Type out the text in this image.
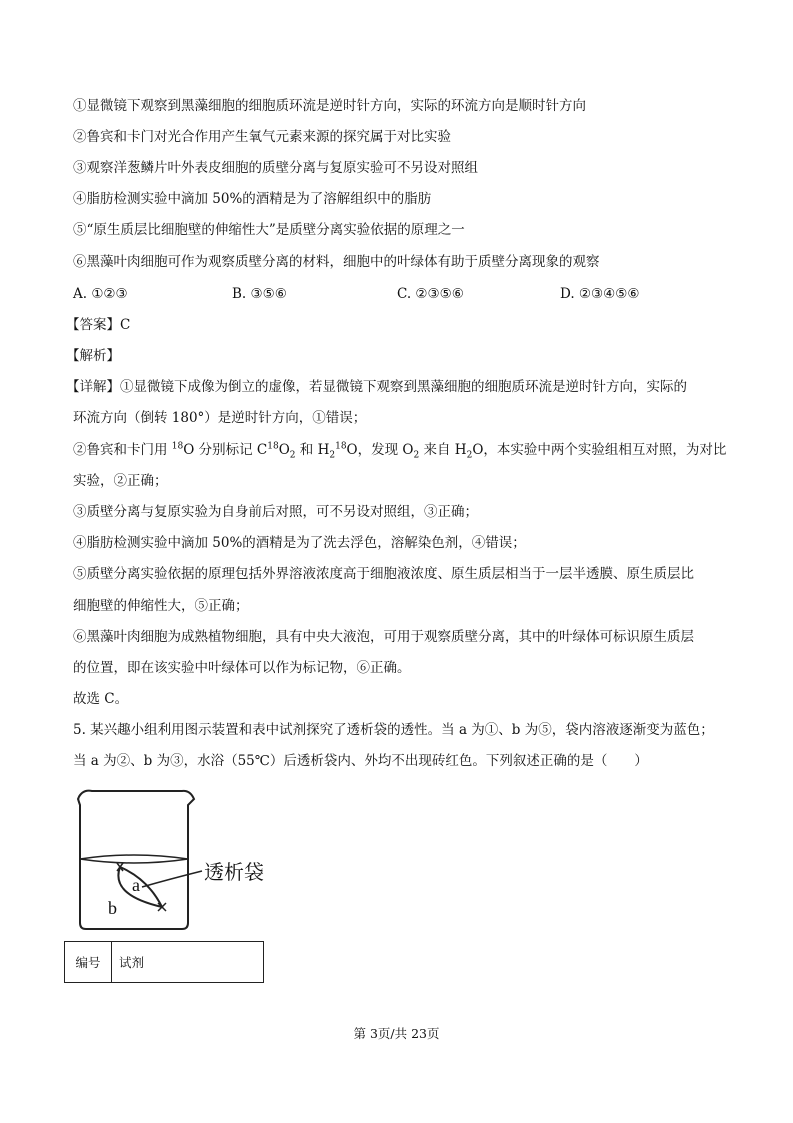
①显微镜下观察到黑藻细胞的细胞质环流是逆时针方向，实际的环流方向是顺时针方向
②鲁宾和卡门对光合作用产生氧气元素来源的探究属于对比实验
③观察洋葱鳞片叶外表皮细胞的质壁分离与复原实验可不另设对照组
④脂肪检测实验中滴加 50%的酒精是为了溶解组织中的脂肪
⑤“原生质层比细胞壁的伸缩性大”是质壁分离实验依据的原理之一
⑥黑藻叶肉细胞可作为观察质壁分离的材料，细胞中的叶绿体有助于质壁分离现象的观察
A. ①②③	B. ③⑤⑥	C. ②③⑤⑥	D. ②③④⑤⑥
【答案】C
【解析】
【详解】①显微镜下成像为倒立的虚像，若显微镜下观察到黑藻细胞的细胞质环流是逆时针方向，实际的
环流方向（倒转 180°）是逆时针方向，①错误；
②鲁宾和卡门用 $^{18}$O 分别标记 $C^{18}O_2$ 和 $H_2^{18}O$，发现 $O_2$ 来自 $H_2O$，本实验中两个实验组相互对照，为对比
实验，②正确；
③质壁分离与复原实验为自身前后对照，可不另设对照组，③正确；
④脂肪检测实验中滴加 50%的酒精是为了洗去浮色，溶解染色剂，④错误；
⑤质壁分离实验依据的原理包括外界溶液浓度高于细胞液浓度、原生质层相当于一层半透膜、原生质层比
细胞壁的伸缩性大，⑤正确；
⑥黑藻叶肉细胞为成熟植物细胞，具有中央大液泡，可用于观察质壁分离，其中的叶绿体可标识原生质层
的位置，即在该实验中叶绿体可以作为标记物，⑥正确。
故选 C。
5. 某兴趣小组利用图示装置和表中试剂探究了透析袋的透性。当 a 为①、b 为⑤，袋内溶液逐渐变为蓝色；
当 a 为②、b 为③，水浴（55℃）后透析袋内、外均不出现砖红色。下列叙述正确的是（　　）
a
b
透析袋
编号	试剂
第 3页/共 23页
